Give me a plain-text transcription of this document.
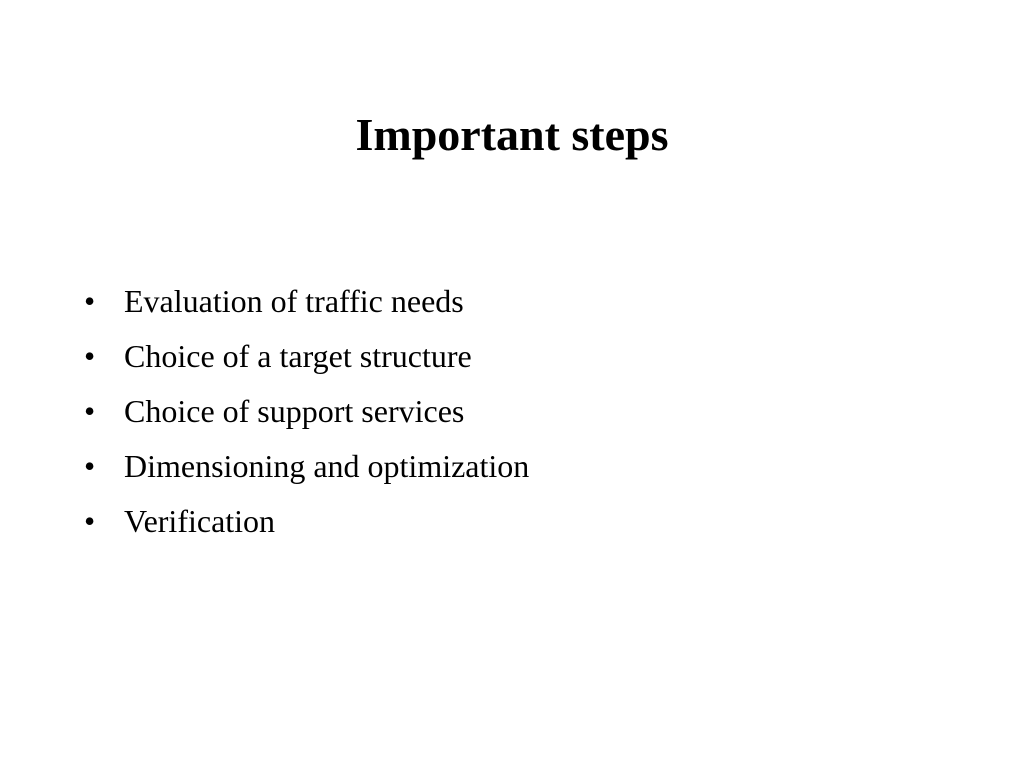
Important steps
• Evaluation of traffic needs
• Choice of a target structure
• Choice of support services
• Dimensioning and optimization
• Verification
